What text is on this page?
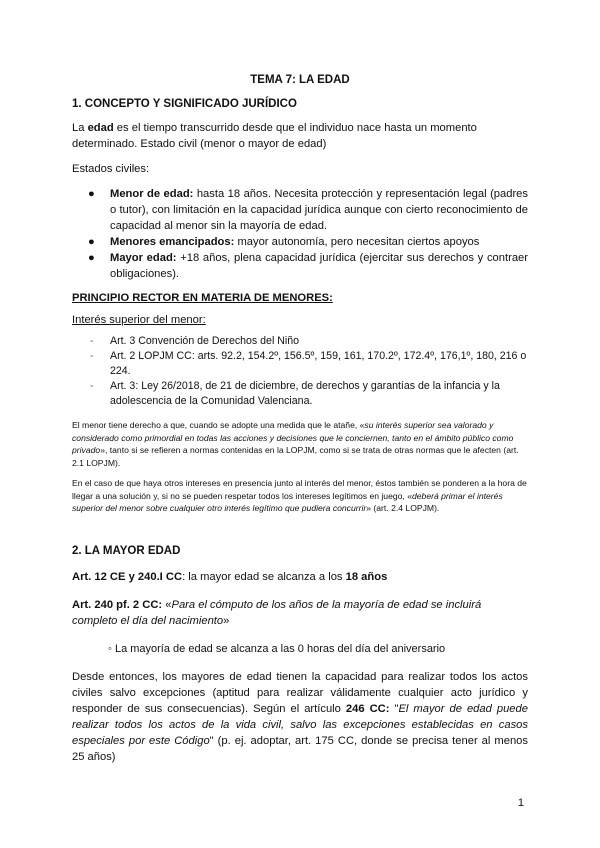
TEMA 7: LA EDAD
1. CONCEPTO Y SIGNIFICADO JURÍDICO

La edad es el tiempo transcurrido desde que el individuo nace hasta un momento determinado. Estado civil (menor o mayor de edad)

Estados civiles:

● Menor de edad: hasta 18 años. Necesita protección y representación legal (padres o tutor), con limitación en la capacidad jurídica aunque con cierto reconocimiento de capacidad al menor sin la mayoría de edad.
● Menores emancipados: mayor autonomía, pero necesitan ciertos apoyos
● Mayor edad: +18 años, plena capacidad jurídica (ejercitar sus derechos y contraer obligaciones).
PRINCIPIO RECTOR EN MATERIA DE MENORES:
Interés superior del menor:
- Art. 3 Convención de Derechos del Niño
- Art. 2 LOPJM CC: arts. 92.2, 154.2º, 156.5º, 159, 161, 170.2º, 172.4º, 176,1º, 180, 216 o 224.
- Art. 3: Ley 26/2018, de 21 de diciembre, de derechos y garantías de la infancia y la adolescencia de la Comunidad Valenciana.

El menor tiene derecho a que, cuando se adopte una medida que le atañe, «su interés superior sea valorado y considerado como primordial en todas las acciones y decisiones que le conciernen, tanto en el ámbito público como privado», tanto si se refieren a normas contenidas en la LOPJM, como si se trata de otras normas que le afecten (art. 2.1 LOPJM).

En el caso de que haya otros intereses en presencia junto al interés del menor, éstos también se ponderen a la hora de llegar a una solución y, si no se pueden respetar todos los intereses legítimos en juego, «deberá primar el interés superior del menor sobre cualquier otro interés legítimo que pudiera concurrir» (art. 2.4 LOPJM).

2. LA MAYOR EDAD

Art. 12 CE y 240.I CC: la mayor edad se alcanza a los 18 años

Art. 240 pf. 2 CC: «Para el cómputo de los años de la mayoría de edad se incluirá completo el día del nacimiento»

◦ La mayoría de edad se alcanza a las 0 horas del día del aniversario

Desde entonces, los mayores de edad tienen la capacidad para realizar todos los actos civiles salvo excepciones (aptitud para realizar válidamente cualquier acto jurídico y responder de sus consecuencias). Según el artículo 246 CC: "El mayor de edad puede realizar todos los actos de la vida civil, salvo las excepciones establecidas en casos especiales por este Código" (p. ej. adoptar, art. 175 CC, donde se precisa tener al menos 25 años)

1
